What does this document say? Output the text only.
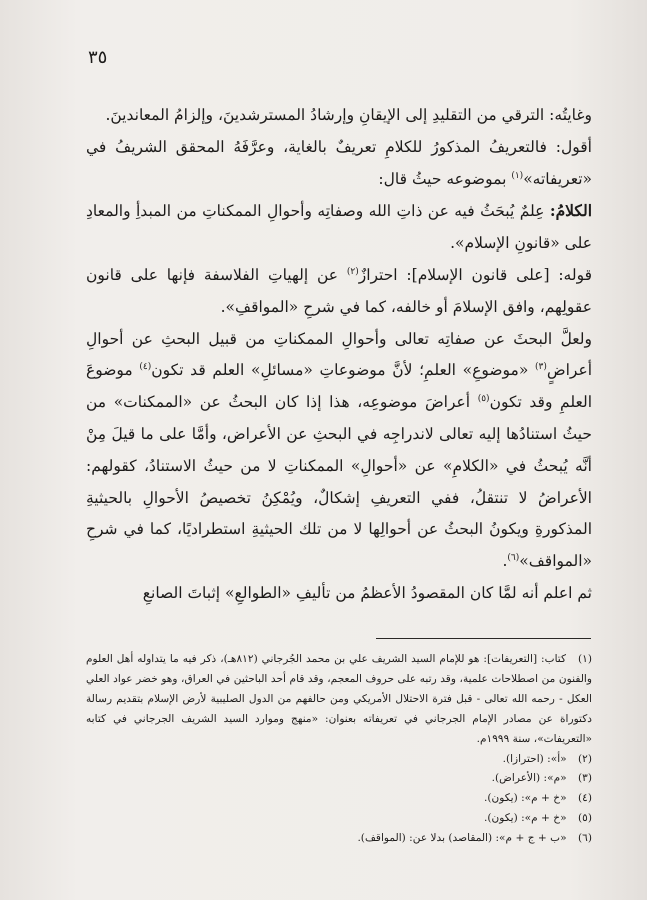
٣٥

وغايتُه: الترقي من التقليدِ إلى الإيقانِ وإرشادُ المسترشدينَ، وإلزامُ المعاندينَ.

أقول: فالتعريفُ المذكورُ للكلامِ تعريفٌ بالغاية، وعرَّفَهُ المحقق الشريفُ في «تعريفاته»$^{(١)}$ بموضوعه حيثُ قال:

الكلامُ: عِلمٌ يُبحَثُ فيه عن ذاتِ الله وصفاتِه وأحوالِ الممكناتِ من المبدأِ والمعادِ على «قانونِ الإسلام».

قوله: [على قانون الإسلام]: احترازٌ$^{(٢)}$ عن إلهياتِ الفلاسفة فإنها على قانون عقولِهم، وافق الإسلامَ أو خالفه، كما في شرحِ «المواقفِ».

ولعلَّ البحثَ عن صفاتِه تعالى وأحوالِ الممكناتِ من قبيل البحثِ عن أحوالِ أعراضٍ$^{(٣)}$ «موضوعِ» العلمِ؛ لأنَّ موضوعاتِ «مسائلِ» العلم قد تكون$^{(٤)}$ موضوعَ العلمِ وقد تكون$^{(٥)}$ أعراضَ موضوعِه، هذا إذا كان البحثُ عن «الممكنات» من حيثُ استنادُها إليه تعالى لاندراجِه في البحثِ عن الأعراض، وأمَّا على ما قيلَ مِنْ أنَّه يُبحثُ في «الكلامِ» عن «أحوالِ» الممكناتِ لا من حيثُ الاستنادُ، كقولهم: الأعراضُ لا تنتقلُ، ففي التعريفِ إشكالٌ، ويُمْكِنُ تخصيصُ الأحوالِ بالحيثيةِ المذكورةِ ويكونُ البحثُ عن أحوالِها لا من تلك الحيثيةِ استطراديًا، كما في شرحِ «المواقف»$^{(٦)}$.

ثم اعلم أنه لمَّا كان المقصودُ الأعظمُ من تأليفِ «الطوالعِ» إثباتَ الصانعِ

(١) كتاب: [التعريفات]: هو للإمام السيد الشريف علي بن محمد الجُرجاني (٨١٢هـ)، ذكر فيه ما يتداوله أهل العلوم والفنون من اصطلاحات علمية، وقد رتبه على حروف المعجم، وقد قام أحد الباحثين في العراق، وهو خضر عواد العلي العكل - رحمه الله تعالى - قبل فترة الاحتلال الأمريكي ومن حالفهم من الدول الصليبية لأرض الإسلام بتقديم رسالة دكتوراة عن مصادر الإمام الجرجاني في تعريفاته بعنوان: «منهج وموارد السيد الشريف الجرجاني في كتابه «التعريفات»، سنة ١٩٩٩م.
(٢) «أ»: (احترازا).
(٣) «م»: (الأعراض).
(٤) «خ + م»: (يكون).
(٥) «خ + م»: (يكون).
(٦) «ب + ج + م»: (المقاصد) بدلا عن: (المواقف).
